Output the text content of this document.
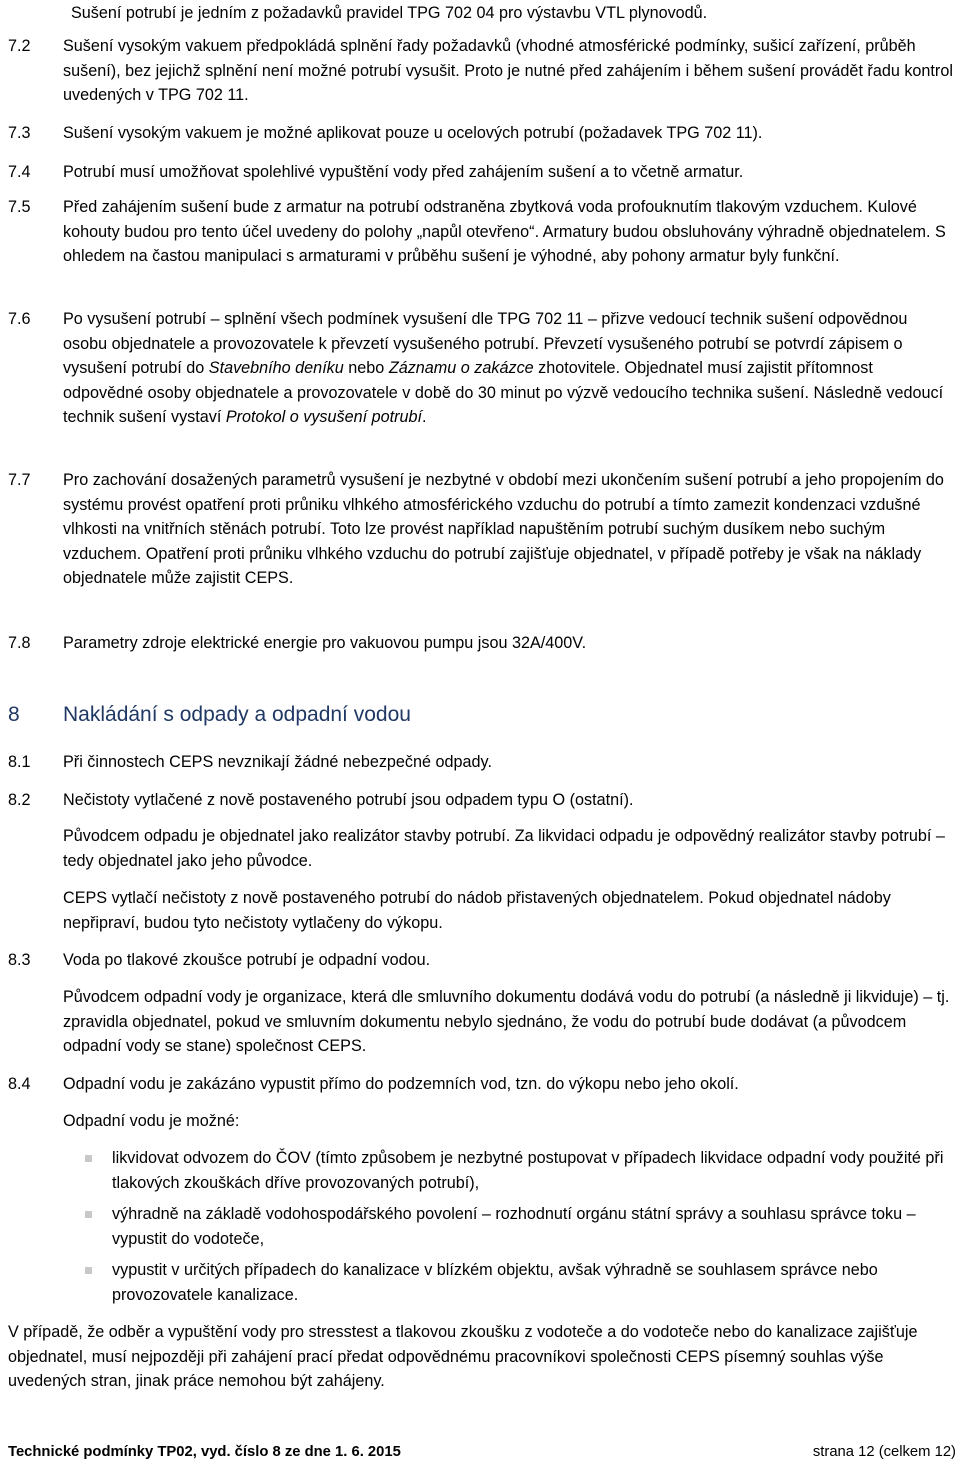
Sušení potrubí je jedním z požadavků pravidel TPG 702 04 pro výstavbu VTL plynovodů.
7.2	Sušení vysokým vakuem předpokládá splnění řady požadavků (vhodné atmosférické podmínky, sušicí zařízení, průběh sušení), bez jejichž splnění není možné potrubí vysušit. Proto je nutné před zahájením i během sušení provádět řadu kontrol uvedených v TPG 702 11.
7.3	Sušení vysokým vakuem je možné aplikovat pouze u ocelových potrubí (požadavek TPG 702 11).
7.4	Potrubí musí umožňovat spolehlivé vypuštění vody před zahájením sušení a to včetně armatur.
7.5	Před zahájením sušení bude z armatur na potrubí odstraněna zbytková voda profouknutím tlakovým vzduchem. Kulové kohouty budou pro tento účel uvedeny do polohy „napůl otevřeno“. Armatury budou obsluhovány výhradně objednatelem. S ohledem na častou manipulaci s armaturami v průběhu sušení je výhodné, aby pohony armatur byly funkční.
7.6	Po vysušení potrubí – splnění všech podmínek vysušení dle TPG 702 11 – přizve vedoucí technik sušení odpovědnou osobu objednatele a provozovatele k převzetí vysušeného potrubí. Převzetí vysušeného potrubí se potvrdí zápisem o vysušení potrubí do Stavebního deníku nebo Záznamu o zakázce zhotovitele. Objednatel musí zajistit přítomnost odpovědné osoby objednatele a provozovatele v době do 30 minut po výzvě vedoucího technika sušení. Následně vedoucí technik sušení vystaví Protokol o vysušení potrubí.
7.7	Pro zachování dosažených parametrů vysušení je nezbytné v období mezi ukončením sušení potrubí a jeho propojením do systému provést opatření proti průniku vlhkého atmosférického vzduchu do potrubí a tímto zamezit kondenzaci vzdušné vlhkosti na vnitřních stěnách potrubí. Toto lze provést například napuštěním potrubí suchým dusíkem nebo suchým vzduchem. Opatření proti průniku vlhkého vzduchu do potrubí zajišťuje objednatel, v případě potřeby je však na náklady objednatele může zajistit CEPS.
7.8	Parametry zdroje elektrické energie pro vakuovou pumpu jsou 32A/400V.
8 Nakládání s odpady a odpadní vodou
8.1	Při činnostech CEPS nevznikají žádné nebezpečné odpady.
8.2	Nečistoty vytlačené z nově postaveného potrubí jsou odpadem typu O (ostatní).
Původcem odpadu je objednatel jako realizátor stavby potrubí. Za likvidaci odpadu je odpovědný realizátor stavby potrubí – tedy objednatel jako jeho původce.
CEPS vytlačí nečistoty z nově postaveného potrubí do nádob přistavených objednatelem. Pokud objednatel nádoby nepřipraví, budou tyto nečistoty vytlačeny do výkopu.
8.3	Voda po tlakové zkoušce potrubí je odpadní vodou.
Původcem odpadní vody je organizace, která dle smluvního dokumentu dodává vodu do potrubí (a následně ji likviduje) – tj. zpravidla objednatel, pokud ve smluvním dokumentu nebylo sjednáno, že vodu do potrubí bude dodávat (a původcem odpadní vody se stane) společnost CEPS.
8.4	Odpadní vodu je zakázáno vypustit přímo do podzemních vod, tzn. do výkopu nebo jeho okolí.
Odpadní vodu je možné:
likvidovat odvozem do ČOV (tímto způsobem je nezbytné postupovat v případech likvidace odpadní vody použité při tlakových zkouškách dříve provozovaných potrubí),
výhradně na základě vodohospodářského povolení – rozhodnutí orgánu státní správy a souhlasu správce toku – vypustit do vodoteče,
vypustit v určitých případech do kanalizace v blízkém objektu, avšak výhradně se souhlasem správce nebo provozovatele kanalizace.
V případě, že odběr a vypuštění vody pro stresstest a tlakovou zkoušku z vodoteče a do vodoteče nebo do kanalizace zajišťuje objednatel, musí nejpozději při zahájení prací předat odpovědnému pracovníkovi společnosti CEPS písemný souhlas výše uvedených stran, jinak práce nemohou být zahájeny.
Technické podmínky TP02, vyd. číslo 8 ze dne 1. 6. 2015	strana 12 (celkem 12)
